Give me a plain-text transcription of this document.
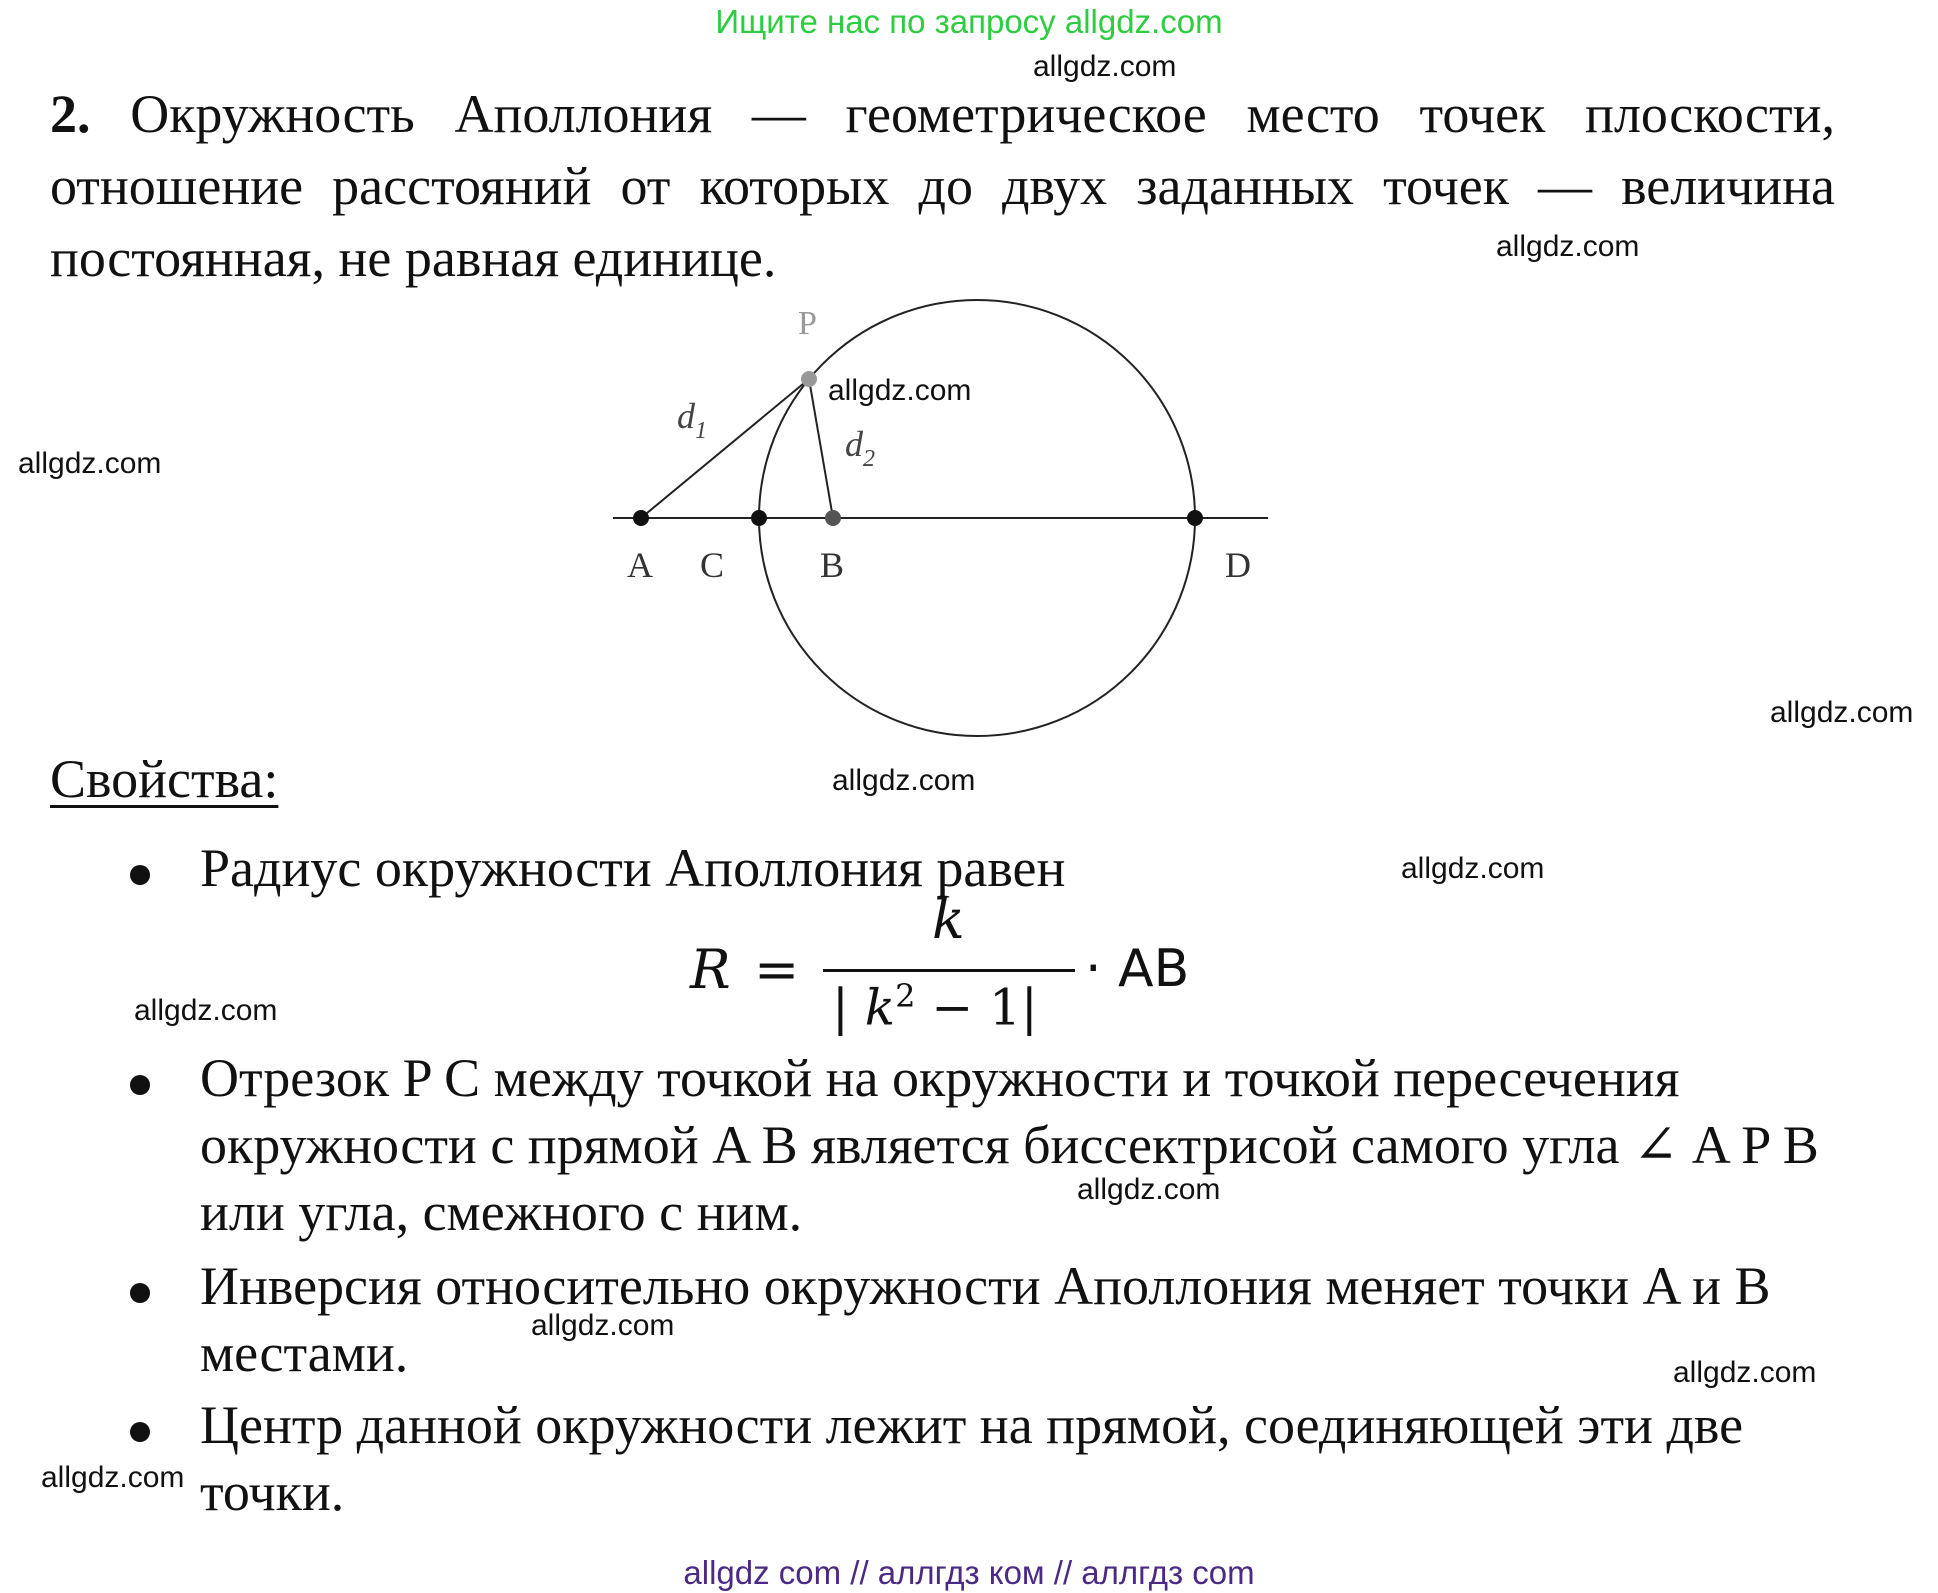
Ищите нас по запросу allgdz.com
allgdz.com
allgdz.com
allgdz.com
allgdz.com
allgdz.com
allgdz.com
allgdz.com
allgdz.com
allgdz.com
allgdz.com
allgdz.com
allgdz.com
2. Окружность Аполлония — геометрическое место точек плоскости,
отношение расстояний от которых до двух заданных точек — величина
постоянная, не равная единице.
P
A C	B	D
$d_1$	$d_2$
Свойства:
Радиус окружности Аполлония равен
Отрезок P C между точкой на окружности и точкой пересечения окружности с прямой A B является биссектрисой самого угла ∠ A P B или угла, смежного с ним.
Инверсия относительно окружности Аполлония меняет точки A и B местами.
Центр данной окружности лежит на прямой, соединяющей эти две точки.
R =
k
| $k^2 - 1|$
· AB
allgdz com // аллгдз ком // аллгдз com
